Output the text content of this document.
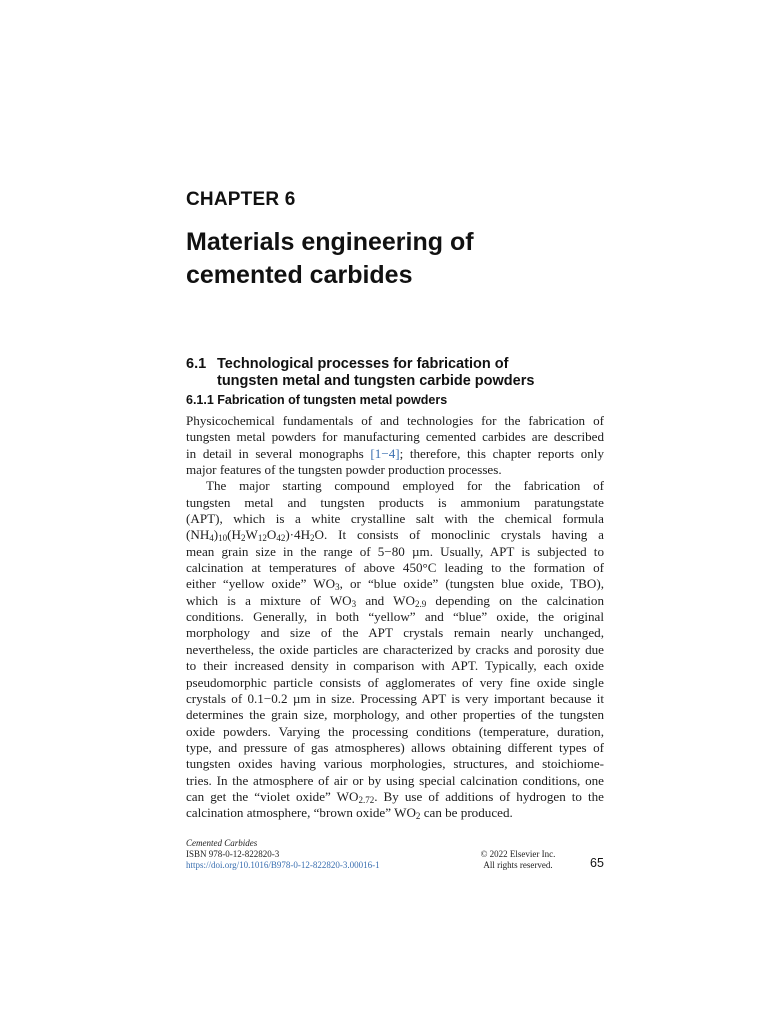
CHAPTER 6
Materials engineering of
cemented carbides
6.1 Technological processes for fabrication of
tungsten metal and tungsten carbide powders
6.1.1 Fabrication of tungsten metal powders

Physicochemical fundamentals of and technologies for the fabrication of
tungsten metal powders for manufacturing cemented carbides are described
in detail in several monographs [1−4]; therefore, this chapter reports only
major features of the tungsten powder production processes.

The major starting compound employed for the fabrication of
tungsten metal and tungsten products is ammonium paratungstate
(APT), which is a white crystalline salt with the chemical formula
$(NH_4)_{10}(H_2W_{12}O_{42})\cdot 4H_2O$. It consists of monoclinic crystals having a
mean grain size in the range of 5−80 µm. Usually, APT is subjected to
calcination at temperatures of above 450°C leading to the formation of
either “yellow oxide” $WO_3$, or “blue oxide” (tungsten blue oxide, TBO),
which is a mixture of $WO_3$ and $WO_{2.9}$ depending on the calcination
conditions. Generally, in both “yellow” and “blue” oxide, the original
morphology and size of the APT crystals remain nearly unchanged,
nevertheless, the oxide particles are characterized by cracks and porosity due
to their increased density in comparison with APT. Typically, each oxide
pseudomorphic particle consists of agglomerates of very fine oxide single
crystals of 0.1−0.2 µm in size. Processing APT is very important because it
determines the grain size, morphology, and other properties of the tungsten
oxide powders. Varying the processing conditions (temperature, duration,
type, and pressure of gas atmospheres) allows obtaining different types of
tungsten oxides having various morphologies, structures, and stoichiome-
tries. In the atmosphere of air or by using special calcination conditions, one
can get the “violet oxide” $WO_{2.72}$. By use of additions of hydrogen to the
calcination atmosphere, “brown oxide” $WO_2$ can be produced.

Cemented Carbides
ISBN 978-0-12-822820-3
https://doi.org/10.1016/B978-0-12-822820-3.00016-1
© 2022 Elsevier Inc.
All rights reserved.	65
